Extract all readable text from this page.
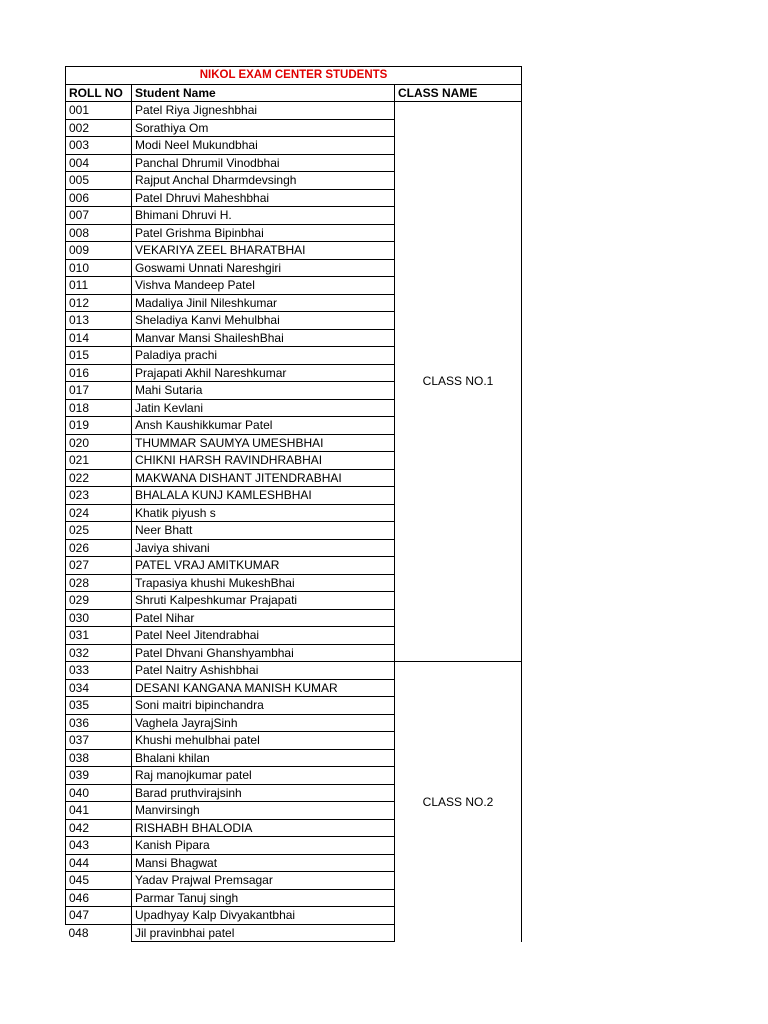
NIKOL EXAM CENTER STUDENTS		
ROLL NO	Student Name	CLASS NAME
001	Patel Riya Jigneshbhai	CLASS NO.1
002	Sorathiya Om	
003	Modi Neel Mukundbhai	
004	Panchal Dhrumil Vinodbhai	
005	Rajput Anchal Dharmdevsingh	
006	Patel Dhruvi Maheshbhai	
007	Bhimani Dhruvi H.	
008	Patel Grishma Bipinbhai	
009	VEKARIYA ZEEL BHARATBHAI	
010	Goswami Unnati Nareshgiri	
011	Vishva Mandeep Patel	
012	Madaliya Jinil Nileshkumar	
013	Sheladiya Kanvi Mehulbhai	
014	Manvar Mansi ShaileshBhai	
015	Paladiya prachi	
016	Prajapati Akhil Nareshkumar	
017	Mahi Sutaria	
018	Jatin Kevlani	
019	Ansh Kaushikkumar Patel	
020	THUMMAR SAUMYA UMESHBHAI	
021	CHIKNI HARSH RAVINDHRABHAI	
022	MAKWANA DISHANT JITENDRABHAI	
023	BHALALA KUNJ KAMLESHBHAI	
024	Khatik piyush s	
025	Neer Bhatt	
026	Javiya shivani	
027	PATEL VRAJ AMITKUMAR	
028	Trapasiya khushi MukeshBhai	
029	Shruti Kalpeshkumar Prajapati	
030	Patel Nihar	
031	Patel Neel Jitendrabhai	
032	Patel Dhvani Ghanshyambhai	
033	Patel Naitry Ashishbhai	CLASS NO.2
034	DESANI KANGANA MANISH KUMAR	
035	Soni maitri bipinchandra	
036	Vaghela JayrajSinh	
037	Khushi mehulbhai patel	
038	Bhalani khilan	
039	Raj manojkumar patel	
040	Barad pruthvirajsinh	
041	Manvirsingh	
042	RISHABH BHALODIA	
043	Kanish Pipara	
044	Mansi Bhagwat	
045	Yadav Prajwal Premsagar	
046	Parmar Tanuj singh	
047	Upadhyay Kalp Divyakantbhai	
048	Jil pravinbhai patel	
